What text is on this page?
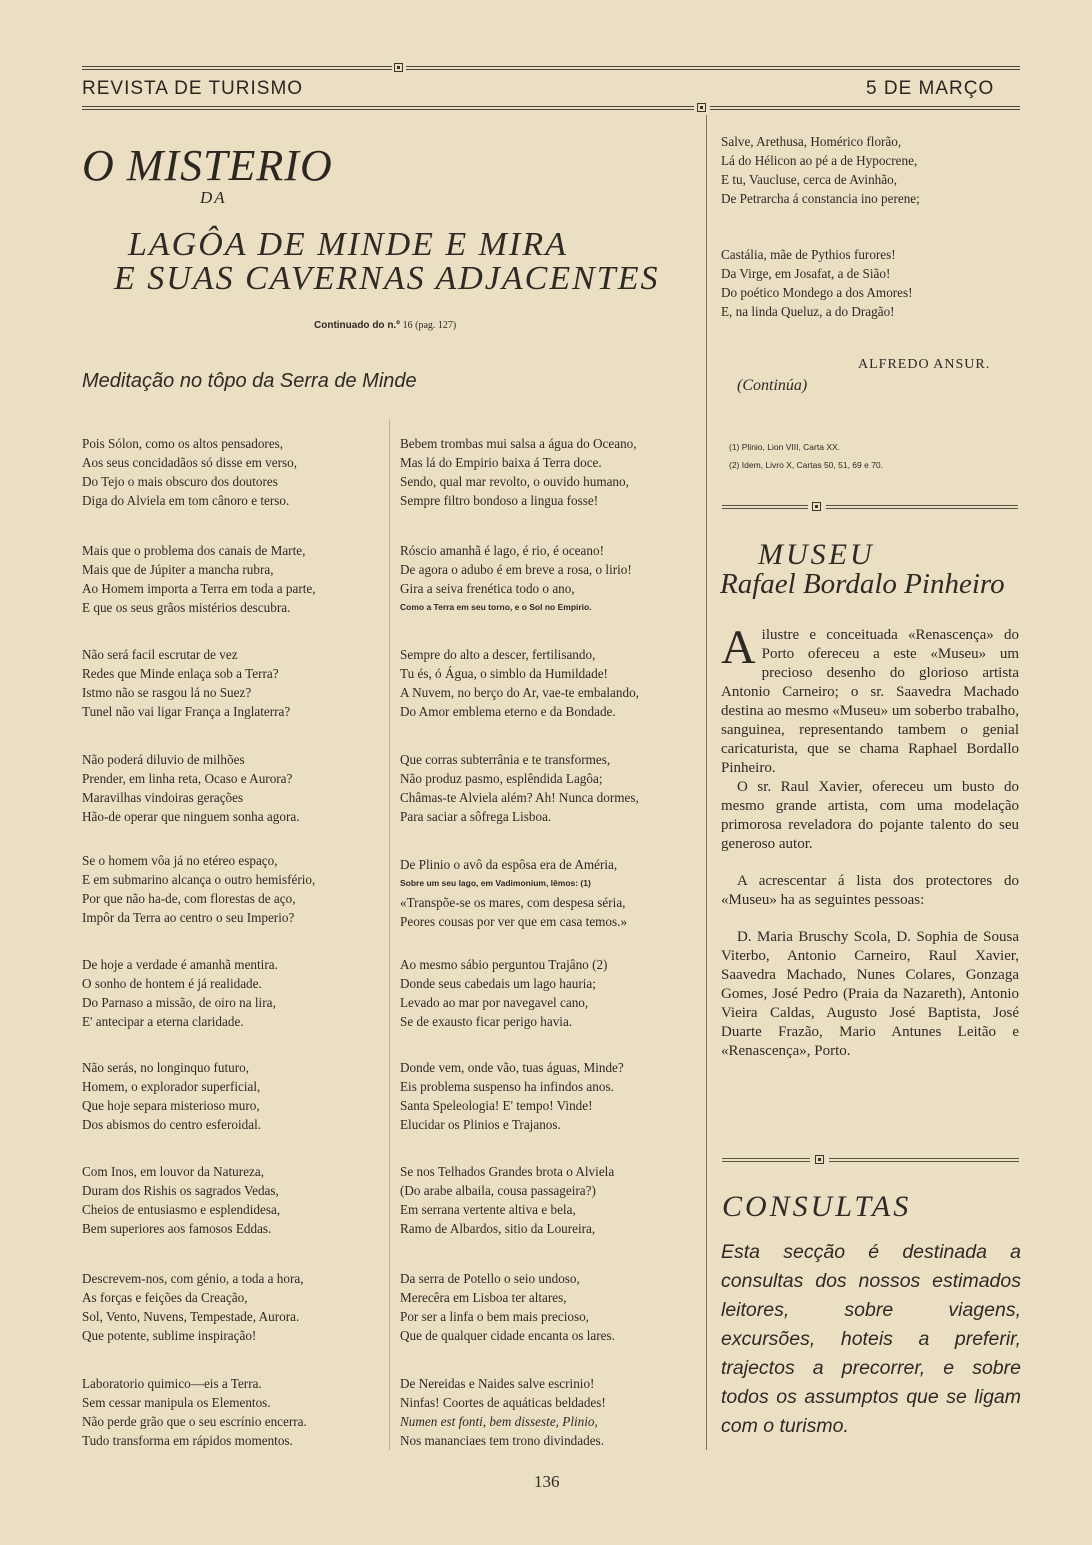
REVISTA DE TURISMO	5 DE MARÇO
O MISTERIO
DA
LAGÔA DE MINDE E MIRA
E SUAS CAVERNAS ADJACENTES
Continuado do n.º 16 (pag. 127)
Meditação no tôpo da Serra de Minde
Pois Sólon, como os altos pensadores,
Aos seus concidadãos só disse em verso,
Do Tejo o mais obscuro dos doutores
Diga do Alviela em tom cânoro e terso.
Mais que o problema dos canais de Marte,
Mais que de Júpiter a mancha rubra,
Ao Homem importa a Terra em toda a parte,
E que os seus grãos mistérios descubra.
Não será facil escrutar de vez
Redes que Minde enlaça sob a Terra?
Istmo não se rasgou lá no Suez?
Tunel não vai ligar França a Inglaterra?
Não poderá diluvio de milhões
Prender, em linha reta, Ocaso e Aurora?
Maravilhas vindoiras gerações
Hão-de operar que ninguem sonha agora.
Se o homem vôa já no etéreo espaço,
E em submarino alcança o outro hemisfério,
Por que não ha-de, com florestas de aço,
Impôr da Terra ao centro o seu Imperio?
De hoje a verdade é amanhã mentira.
O sonho de hontem é já realidade.
Do Parnaso a missão, de oiro na lira,
E' antecipar a eterna claridade.
Não serás, no longinquo futuro,
Homem, o explorador superficial,
Que hoje separa misterioso muro,
Dos abismos do centro esferoidal.
Com Inos, em louvor da Natureza,
Duram dos Rishis os sagrados Vedas,
Cheios de entusiasmo e esplendidesa,
Bem superiores aos famosos Eddas.
Descrevem-nos, com génio, a toda a hora,
As forças e feições da Creação,
Sol, Vento, Nuvens, Tempestade, Aurora.
Que potente, sublime inspiração!
Laboratorio quimico—eis a Terra.
Sem cessar manipula os Elementos.
Não perde grão que o seu escrínio encerra.
Tudo transforma em rápidos momentos.
Bebem trombas mui salsa a água do Oceano,
Mas lá do Empirio baixa á Terra doce.
Sendo, qual mar revolto, o ouvido humano,
Sempre filtro bondoso a lingua fosse!
Róscio amanhã é lago, é rio, é oceano!
De agora o adubo é em breve a rosa, o lirio!
Gira a seiva frenética todo o ano,
Como a Terra em seu torno, e o Sol no Empirio.
Sempre do alto a descer, fertilisando,
Tu és, ó Água, o simblo da Humildade!
A Nuvem, no berço do Ar, vae-te embalando,
Do Amor emblema eterno e da Bondade.
Que corras subterrânia e te transformes,
Não produz pasmo, esplêndida Lagôa;
Châmas-te Alviela além? Ah! Nunca dormes,
Para saciar a sôfrega Lisboa.
De Plinio o avô da espôsa era de Améria,
Sobre um seu lago, em Vadimonium, lêmos: (1)
«Transpõe-se os mares, com despesa séria,
Peores cousas por ver que em casa temos.»
Ao mesmo sábio perguntou Trajâno (2)
Donde seus cabedais um lago hauria;
Levado ao mar por navegavel cano,
Se de exausto ficar perigo havia.
Donde vem, onde vão, tuas águas, Minde?
Eis problema suspenso ha infindos anos.
Santa Speleologia! E' tempo! Vinde!
Elucidar os Plinios e Trajanos.
Se nos Telhados Grandes brota o Alviela
(Do arabe albaila, cousa passageira?)
Em serrana vertente altiva e bela,
Ramo de Albardos, sitio da Loureira,
Da serra de Potello o seio undoso,
Merecêra em Lisboa ter altares,
Por ser a linfa o bem mais precioso,
Que de qualquer cidade encanta os lares.
De Nereidas e Naides salve escrinio!
Ninfas! Coortes de aquáticas beldades!
Numen est fonti, bem disseste, Plinio,
Nos mananciaes tem trono divindades.
Salve, Arethusa, Homérico florão,
Lá do Hélicon ao pé a de Hypocrene,
E tu, Vaucluse, cerca de Avinhão,
De Petrarcha á constancia ino perene;
Castália, mãe de Pythios furores!
Da Virge, em Josafat, a de Sião!
Do poético Mondego a dos Amores!
E, na linda Queluz, a do Dragão!
ALFREDO ANSUR.
(Continúa)
(1) Plinio, Lion VIII, Carta XX.
(2) Idem, Livro X, Cartas 50, 51, 69 e 70.
MUSEU
Rafael Bordalo Pinheiro

Ailustre e conceituada «Renascença» do Porto ofereceu a este «Museu» um precioso desenho do glorioso artista Antonio Carneiro; o sr. Saavedra Machado destina ao mesmo «Museu» um soberbo trabalho, sanguinea, representando tambem o genial caricaturista, que se chama Raphael Bordallo Pinheiro.

O sr. Raul Xavier, ofereceu um busto do mesmo grande artista, com uma modelação primorosa reveladora do pojante talento do seu generoso autor.

A acrescentar á lista dos protectores do «Museu» ha as seguintes pessoas:

D. Maria Bruschy Scola, D. Sophia de Sousa Viterbo, Antonio Carneiro, Raul Xavier, Saavedra Machado, Nunes Colares, Gonzaga Gomes, José Pedro (Praia da Nazareth), Antonio Vieira Caldas, Augusto José Baptista, José Duarte Frazão, Mario Antunes Leitão e «Renascença», Porto.

CONSULTAS
Esta secção é destinada a consultas dos nossos estimados leitores, sobre viagens, excursões, hoteis a preferir, trajectos a precorrer, e sobre todos os assumptos que se ligam com o turismo.
136
